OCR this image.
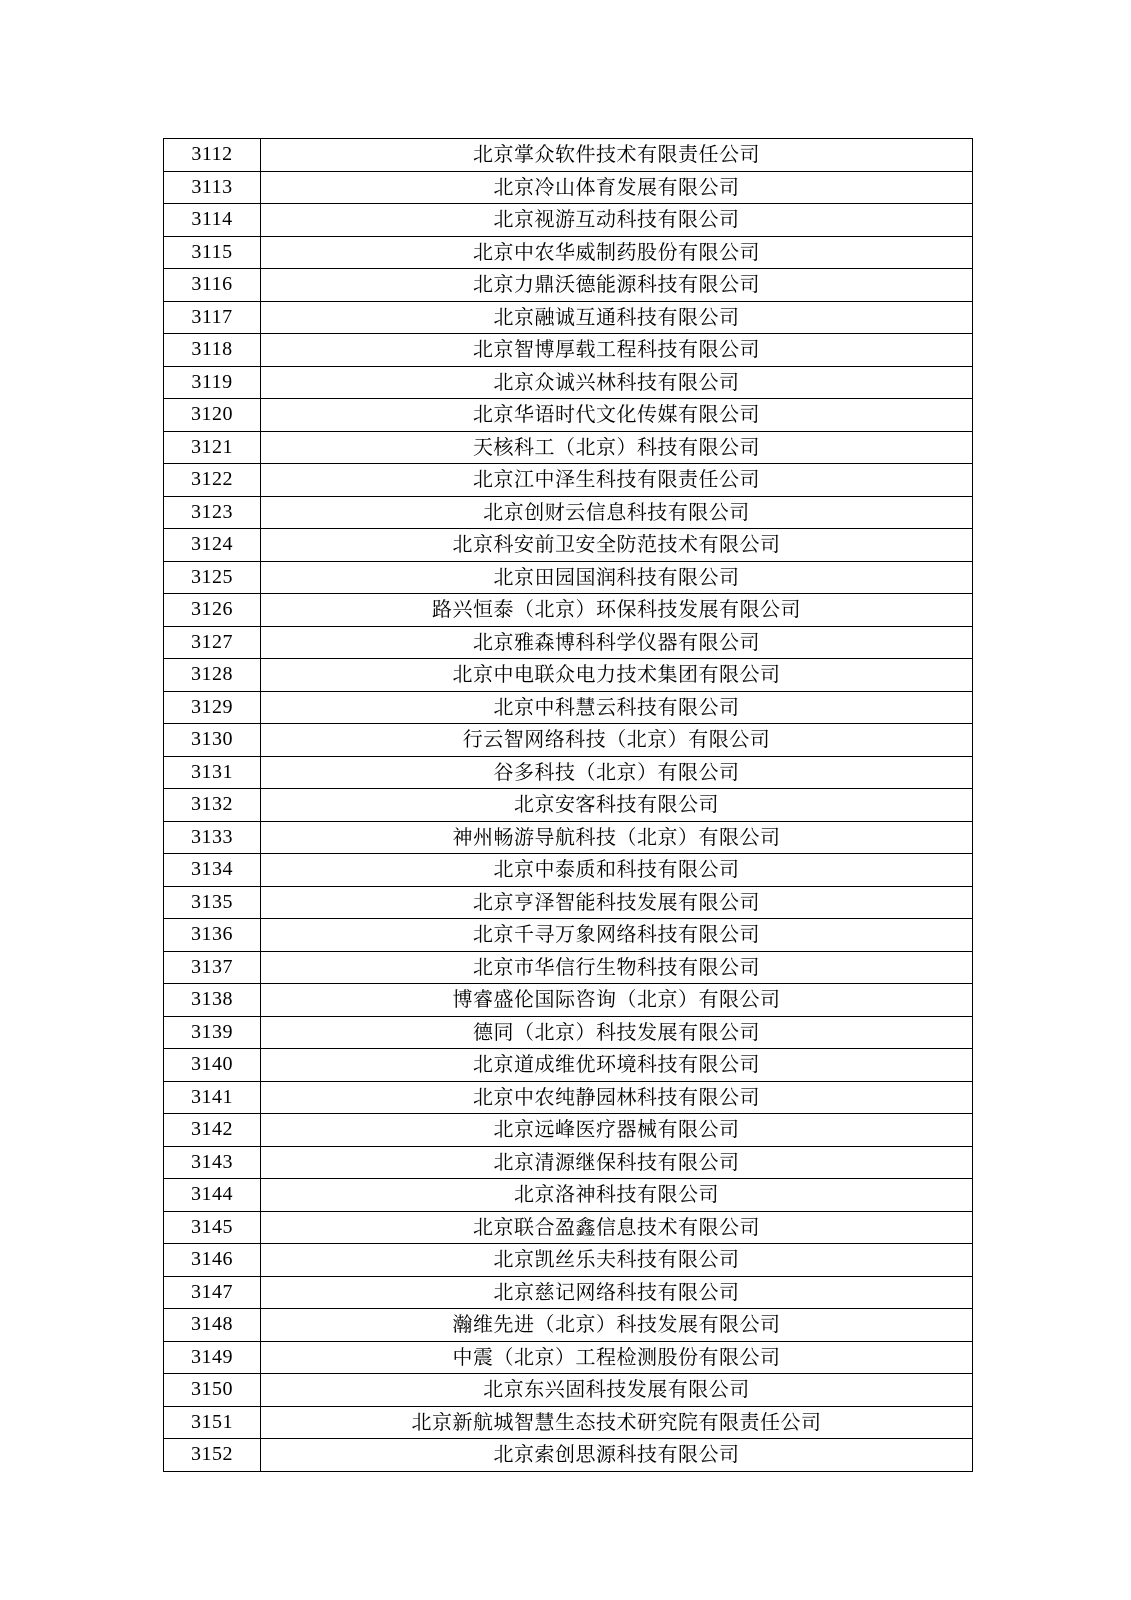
3112	北京掌众软件技术有限责任公司
3113	北京冷山体育发展有限公司
3114	北京视游互动科技有限公司
3115	北京中农华威制药股份有限公司
3116	北京力鼎沃德能源科技有限公司
3117	北京融诚互通科技有限公司
3118	北京智博厚载工程科技有限公司
3119	北京众诚兴林科技有限公司
3120	北京华语时代文化传媒有限公司
3121	天核科工（北京）科技有限公司
3122	北京江中泽生科技有限责任公司
3123	北京创财云信息科技有限公司
3124	北京科安前卫安全防范技术有限公司
3125	北京田园国润科技有限公司
3126	路兴恒泰（北京）环保科技发展有限公司
3127	北京雅森博科科学仪器有限公司
3128	北京中电联众电力技术集团有限公司
3129	北京中科慧云科技有限公司
3130	行云智网络科技（北京）有限公司
3131	谷多科技（北京）有限公司
3132	北京安客科技有限公司
3133	神州畅游导航科技（北京）有限公司
3134	北京中泰质和科技有限公司
3135	北京亨泽智能科技发展有限公司
3136	北京千寻万象网络科技有限公司
3137	北京市华信行生物科技有限公司
3138	博睿盛伦国际咨询（北京）有限公司
3139	德同（北京）科技发展有限公司
3140	北京道成维优环境科技有限公司
3141	北京中农纯静园林科技有限公司
3142	北京远峰医疗器械有限公司
3143	北京清源继保科技有限公司
3144	北京洛神科技有限公司
3145	北京联合盈鑫信息技术有限公司
3146	北京凯丝乐夫科技有限公司
3147	北京慈记网络科技有限公司
3148	瀚维先进（北京）科技发展有限公司
3149	中震（北京）工程检测股份有限公司
3150	北京东兴固科技发展有限公司
3151	北京新航城智慧生态技术研究院有限责任公司
3152	北京索创思源科技有限公司
